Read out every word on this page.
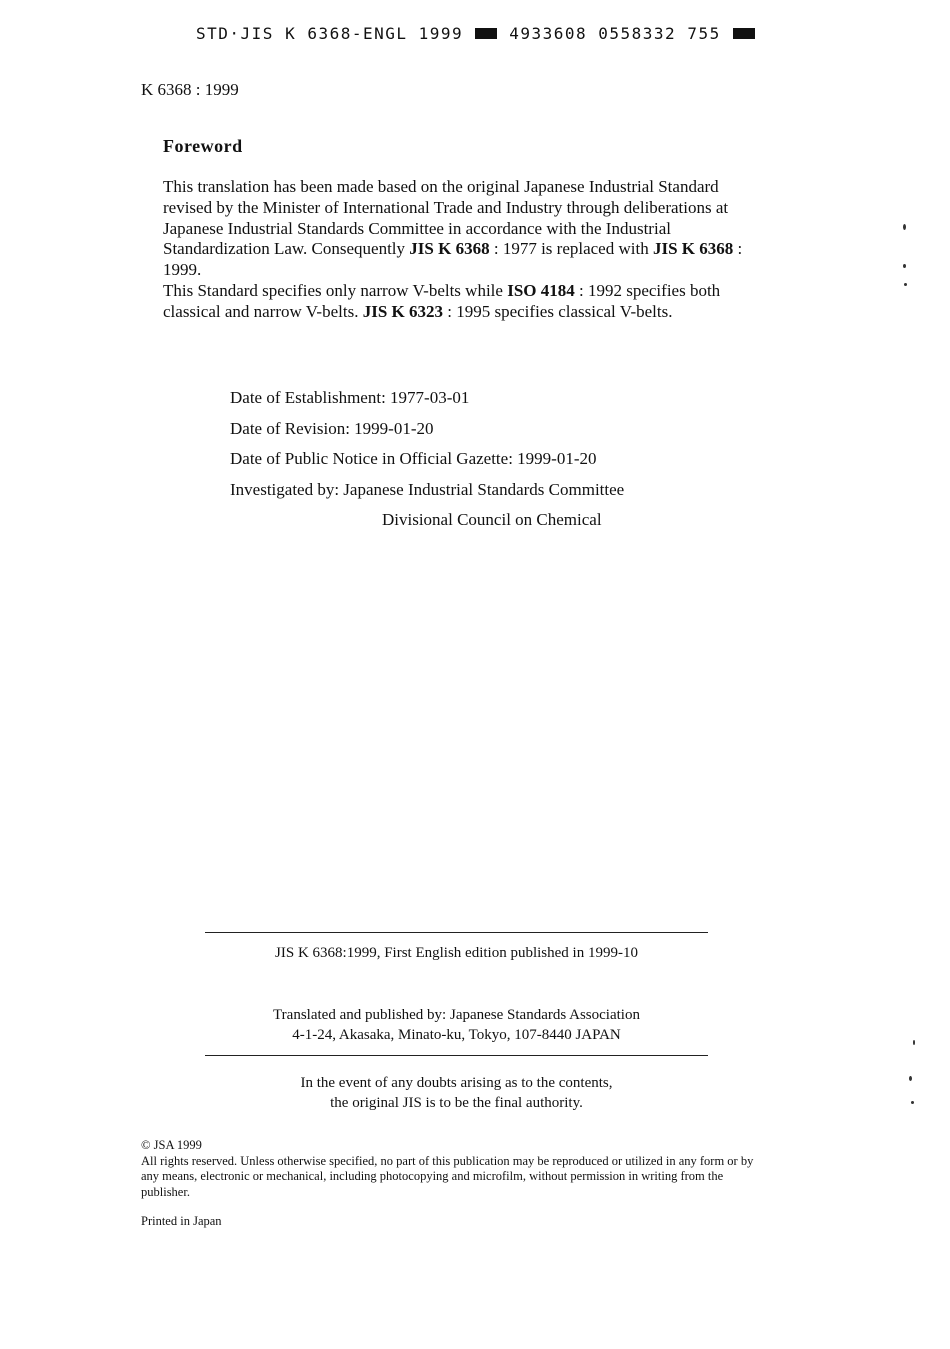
STD·JIS K 6368-ENGL 1999	4933608 0558332 755
K 6368 : 1999
Foreword

This translation has been made based on the original Japanese Industrial Standard revised by the Minister of International Trade and Industry through deliberations at Japanese Industrial Standards Committee in accordance with the Industrial Standardization Law. Consequently JIS K 6368 : 1977 is replaced with JIS K 6368 : 1999.

This Standard specifies only narrow V-belts while ISO 4184 : 1992 specifies both classical and narrow V-belts. JIS K 6323 : 1995 specifies classical V-belts.

Date of Establishment: 1977-03-01
Date of Revision: 1999-01-20
Date of Public Notice in Official Gazette: 1999-01-20
Investigated by: Japanese Industrial Standards Committee
Divisional Council on Chemical
JIS K 6368:1999, First English edition published in 1999-10
Translated and published by: Japanese Standards Association
4-1-24, Akasaka, Minato-ku, Tokyo, 107-8440 JAPAN
In the event of any doubts arising as to the contents,
the original JIS is to be the final authority.
© JSA 1999
All rights reserved. Unless otherwise specified, no part of this publication may be reproduced or utilized in any form or by any means, electronic or mechanical, including photocopying and microfilm, without permission in writing from the publisher.
Printed in Japan
